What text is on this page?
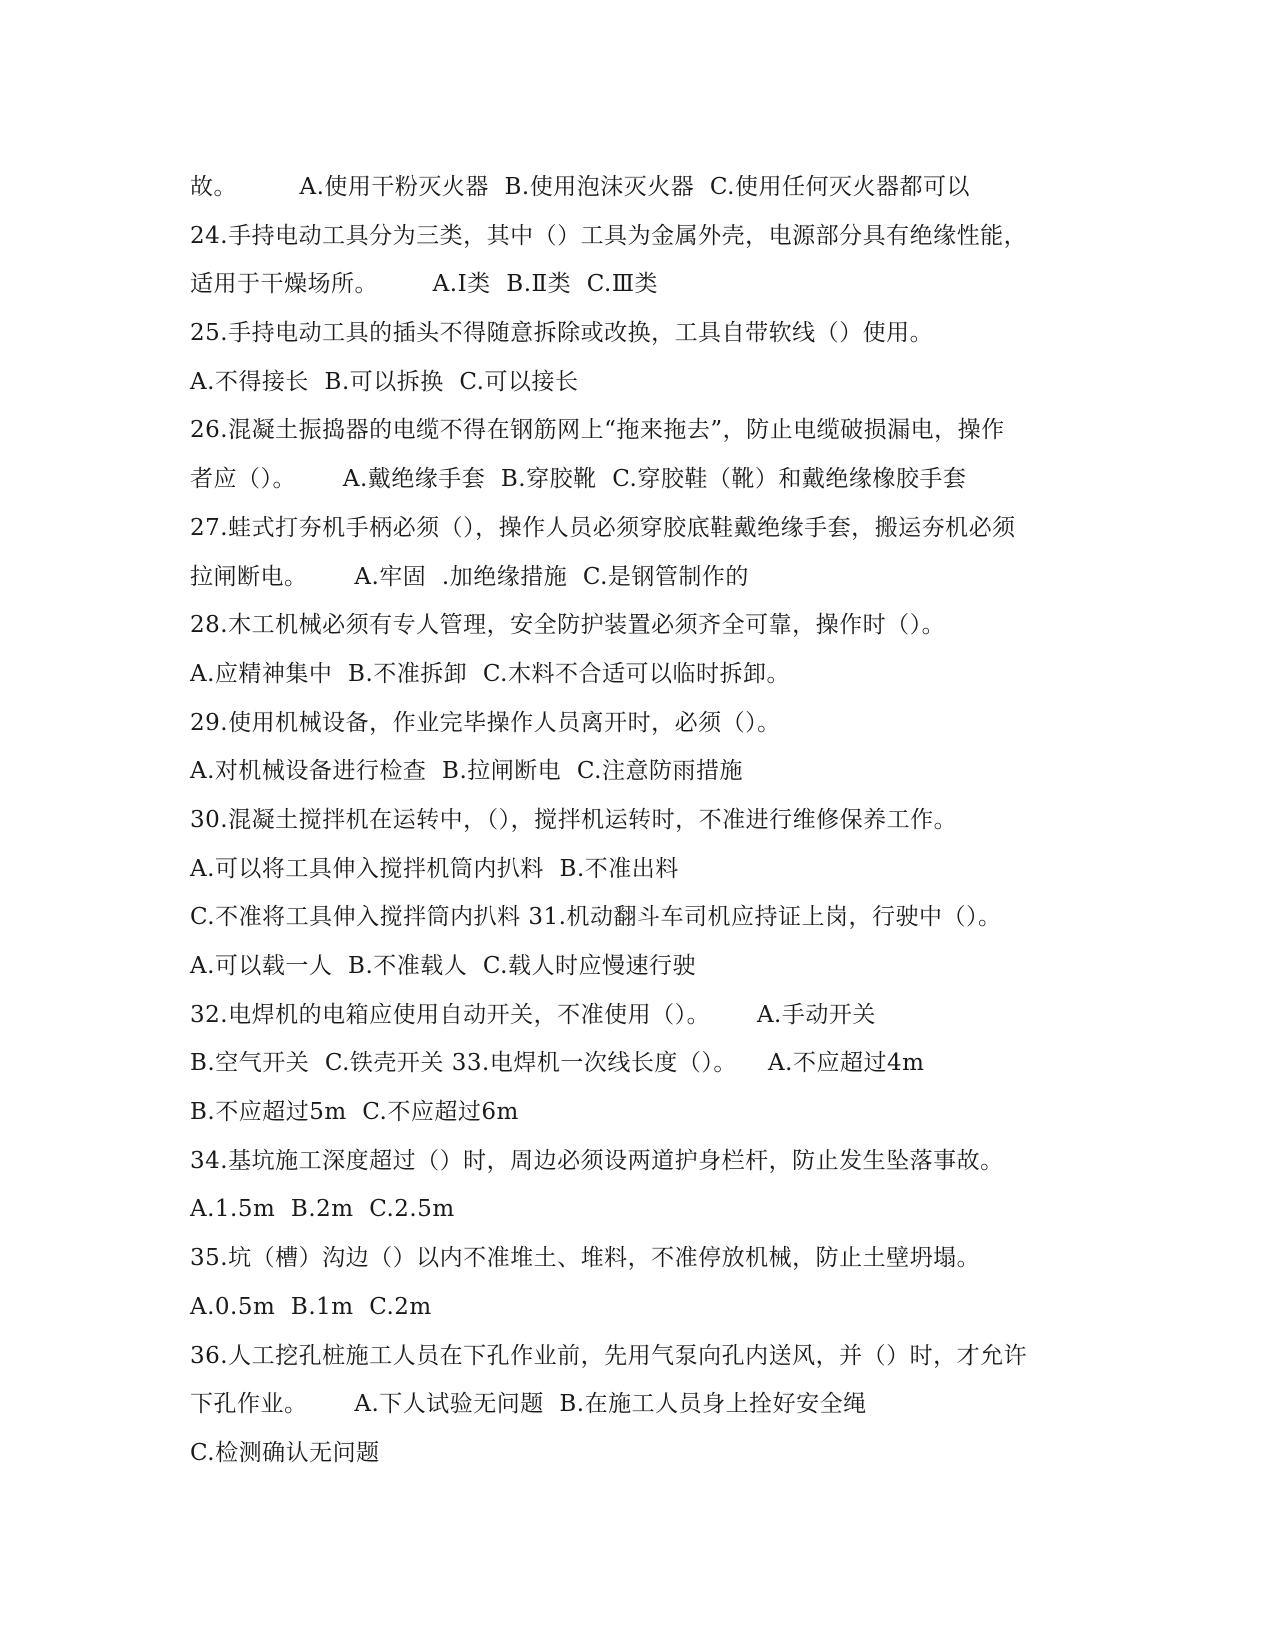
故。        A.使用干粉灭火器  B.使用泡沫灭火器  C.使用任何灭火器都可以
24.手持电动工具分为三类，其中（）工具为金属外壳，电源部分具有绝缘性能，
适用于干燥场所。       A.Ⅰ类  B.Ⅱ类  C.Ⅲ类
25.手持电动工具的插头不得随意拆除或改换，工具自带软线（）使用。
A.不得接长  B.可以拆换  C.可以接长
26.混凝土振捣器的电缆不得在钢筋网上“拖来拖去”，防止电缆破损漏电，操作
者应（）。      A.戴绝缘手套  B.穿胶靴  C.穿胶鞋（靴）和戴绝缘橡胶手套
27.蛙式打夯机手柄必须（），操作人员必须穿胶底鞋戴绝缘手套，搬运夯机必须
拉闸断电。      A.牢固  .加绝缘措施  C.是钢管制作的
28.木工机械必须有专人管理，安全防护装置必须齐全可靠，操作时（）。
A.应精神集中  B.不准拆卸  C.木料不合适可以临时拆卸。
29.使用机械设备，作业完毕操作人员离开时，必须（）。
A.对机械设备进行检查  B.拉闸断电  C.注意防雨措施
30.混凝土搅拌机在运转中，（），搅拌机运转时，不准进行维修保养工作。
A.可以将工具伸入搅拌机筒内扒料  B.不准出料
C.不准将工具伸入搅拌筒内扒料 31.机动翻斗车司机应持证上岗，行驶中（）。
A.可以载一人  B.不准载人  C.载人时应慢速行驶
32.电焊机的电箱应使用自动开关，不准使用（）。      A.手动开关
B.空气开关  C.铁壳开关 33.电焊机一次线长度（）。    A.不应超过4m
B.不应超过5m  C.不应超过6m
34.基坑施工深度超过（）时，周边必须设两道护身栏杆，防止发生坠落事故。
A.1.5m  B.2m  C.2.5m
35.坑（槽）沟边（）以内不准堆土、堆料，不准停放机械，防止土壁坍塌。
A.0.5m  B.1m  C.2m
36.人工挖孔桩施工人员在下孔作业前，先用气泵向孔内送风，并（）时，才允许
下孔作业。      A.下人试验无问题  B.在施工人员身上拴好安全绳
C.检测确认无问题
